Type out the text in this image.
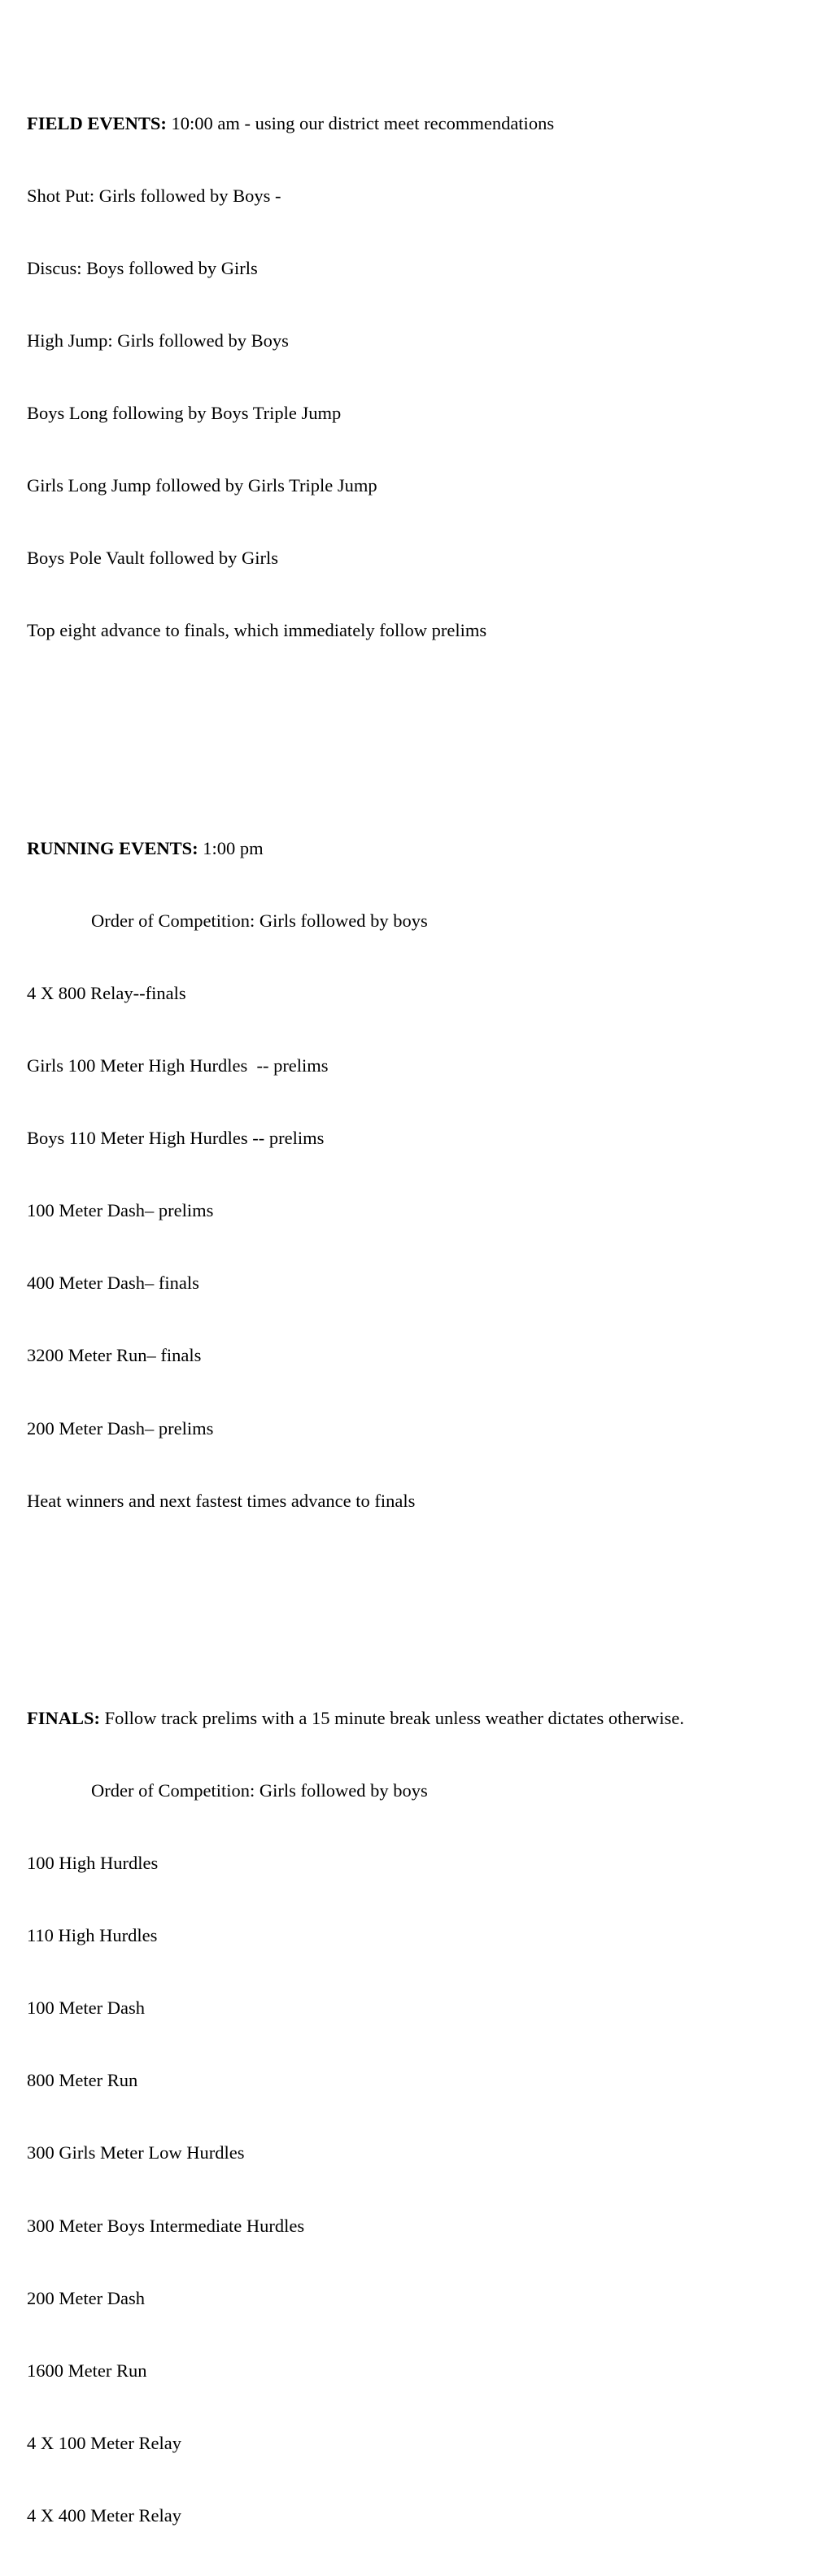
FIELD EVENTS: 10:00 am - using our district meet recommendations

Shot Put: Girls followed by Boys -

Discus: Boys followed by Girls

High Jump: Girls followed by Boys

Boys Long following by Boys Triple Jump

Girls Long Jump followed by Girls Triple Jump

Boys Pole Vault followed by Girls

Top eight advance to finals, which immediately follow prelims

RUNNING EVENTS: 1:00 pm

Order of Competition: Girls followed by boys

4 X 800 Relay--finals

Girls 100 Meter High Hurdles  -- prelims

Boys 110 Meter High Hurdles -- prelims

100 Meter Dash– prelims

400 Meter Dash– finals

3200 Meter Run– finals

200 Meter Dash– prelims

Heat winners and next fastest times advance to finals

FINALS: Follow track prelims with a 15 minute break unless weather dictates otherwise.

Order of Competition: Girls followed by boys

100 High Hurdles

110 High Hurdles

100 Meter Dash

800 Meter Run

300 Girls Meter Low Hurdles

300 Meter Boys Intermediate Hurdles

200 Meter Dash

1600 Meter Run

4 X 100 Meter Relay

4 X 400 Meter Relay
